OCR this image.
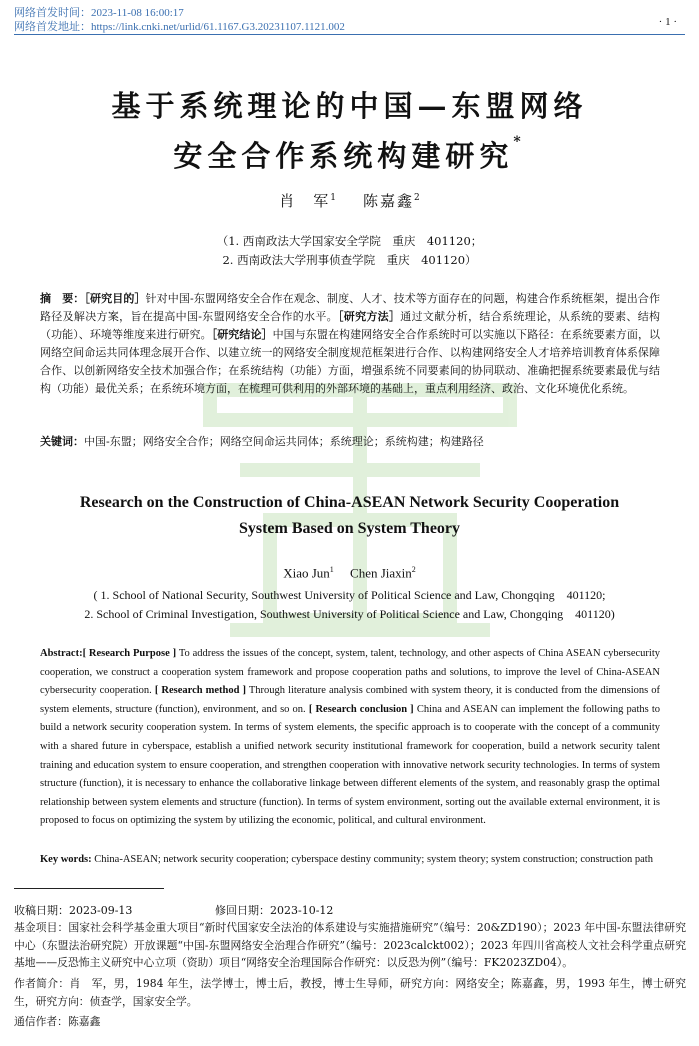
网络首发时间：2023-11-08 16:00:17
网络首发地址：https://link.cnki.net/urlid/61.1167.G3.20231107.1121.002	· 1 ·
基于系统理论的中国—东盟网络
安全合作系统构建研究*
肖　军$^1$ 陈嘉鑫$^2$
（1. 西南政法大学国家安全学院　重庆　401120；
2. 西南政法大学刑事侦查学院　重庆　401120）
摘　要：［研究目的］针对中国-东盟网络安全合作在观念、制度、人才、技术等方面存在的问题，构建合作系统框架，提出合作路径及解决方案，旨在提高中国-东盟网络安全合作的水平。［研究方法］通过文献分析，结合系统理论，从系统的要素、结构（功能）、环境等维度来进行研究。［研究结论］中国与东盟在构建网络安全合作系统时可以实施以下路径：在系统要素方面，以网络空间命运共同体理念展开合作、以建立统一的网络安全制度规范框架进行合作、以构建网络安全人才培养培训教育体系保障合作、以创新网络安全技术加强合作；在系统结构（功能）方面，增强系统不同要素间的协同联动、准确把握系统要素最优与结构（功能）最优关系；在系统环境方面，在梳理可供利用的外部环境的基础上，重点利用经济、政治、文化环境优化系统。
关键词：中国-东盟；网络安全合作；网络空间命运共同体；系统理论；系统构建；构建路径
Research on the Construction of China-ASEAN Network Security Cooperation
System Based on System Theory
Xiao Jun$^1$ Chen Jiaxin$^2$
( 1. School of National Security, Southwest University of Political Science and Law, Chongqing　401120;
2. School of Criminal Investigation, Southwest University of Political Science and Law, Chongqing　401120)
Abstract:[ Research Purpose ] To address the issues of the concept, system, talent, technology, and other aspects of China ASEAN cybersecurity cooperation, we construct a cooperation system framework and propose cooperation paths and solutions, to improve the level of China-ASEAN cybersecurity cooperation. [ Research method ] Through literature analysis combined with system theory, it is conducted from the dimensions of system elements, structure (function), environment, and so on. [ Research conclusion ] China and ASEAN can implement the following paths to build a network security cooperation system. In terms of system elements, the specific approach is to cooperate with the concept of a community with a shared future in cyberspace, establish a unified network security institutional framework for cooperation, build a network security talent training and education system to ensure cooperation, and strengthen cooperation with innovative network security technologies. In terms of system structure (function), it is necessary to enhance the collaborative linkage between different elements of the system, and reasonably grasp the optimal relationship between system elements and structure (function). In terms of system environment, sorting out the available external environment, it is proposed to focus on optimizing the system by utilizing the economic, political, and cultural environment.
Key words: China-ASEAN; network security cooperation; cyberspace destiny community; system theory; system construction; construction path
收稿日期：2023-09-13	修回日期：2023-10-12
基金项目：国家社会科学基金重大项目“新时代国家安全法治的体系建设与实施措施研究”（编号：20&ZD190）；2023 年中国-东盟法律研究中心（东盟法治研究院）开放课题“中国-东盟网络安全治理合作研究”（编号：2023calckt002）；2023 年四川省高校人文社会科学重点研究基地——反恐怖主义研究中心立项（资助）项目“网络安全治理国际合作研究：以反恐为例”（编号：FK2023ZD04）。
作者简介：肖　军，男，1984 年生，法学博士，博士后，教授，博士生导师，研究方向：网络安全；陈嘉鑫，男，1993 年生，博士研究生，研究方向：侦查学，国家安全学。
通信作者：陈嘉鑫
